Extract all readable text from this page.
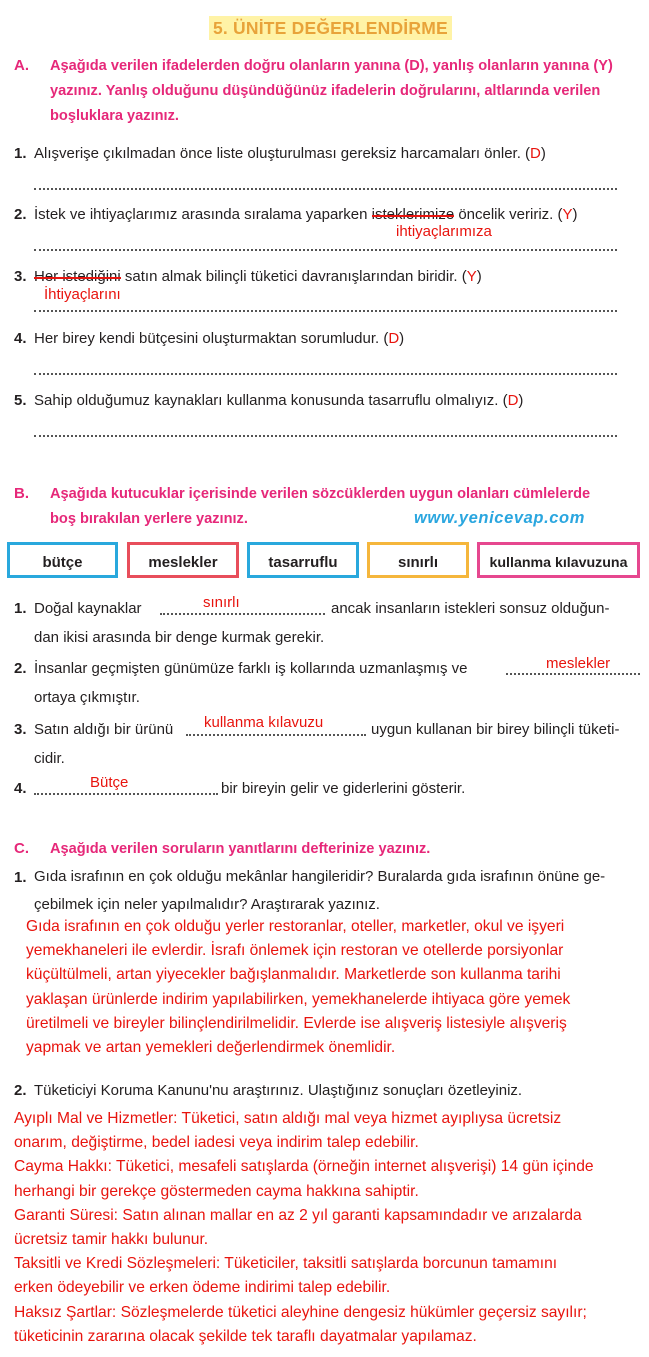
5. ÜNİTE DEĞERLENDİRME
A. Aşağıda verilen ifadelerden doğru olanların yanına (D), yanlış olanların yanına (Y)
yazınız. Yanlış olduğunu düşündüğünüz ifadelerin doğrularını, altlarında verilen
boşluklara yazınız.
1. Alışverişe çıkılmadan önce liste oluşturulması gereksiz harcamaları önler. (D)
2. İstek ve ihtiyaçlarımız arasında sıralama yaparken isteklerimize öncelik veririz. (Y)
ihtiyaçlarımıza
3. Her istediğini satın almak bilinçli tüketici davranışlarından biridir. (Y)
İhtiyaçlarını
4. Her birey kendi bütçesini oluşturmaktan sorumludur. (D)
5. Sahip olduğumuz kaynakları kullanma konusunda tasarruflu olmalıyız. (D)
B. Aşağıda kutucuklar içerisinde verilen sözcüklerden uygun olanları cümlelerde
boş bırakılan yerlere yazınız.	www.yenicevap.com
bütçe	meslekler	tasarruflu	sınırlı	kullanma kılavuzuna
1. Doğal kaynaklar	sınırlı	ancak insanların istekleri sonsuz olduğun-
dan ikisi arasında bir denge kurmak gerekir.
2. İnsanlar geçmişten günümüze farklı iş kollarında uzmanlaşmış ve	meslekler
ortaya çıkmıştır.
3. Satın aldığı bir ürünü kullanma kılavuzu	uygun kullanan bir birey bilinçli tüketi-
cidir.
4.	Bütçe	bir bireyin gelir ve giderlerini gösterir.
C. Aşağıda verilen soruların yanıtlarını defterinize yazınız.
1. Gıda israfının en çok olduğu mekânlar hangileridir? Buralarda gıda israfının önüne ge-
çebilmek için neler yapılmalıdır? Araştırarak yazınız.
Gıda israfının en çok olduğu yerler restoranlar, oteller, marketler, okul ve işyeri
yemekhaneleri ile evlerdir. İsrafı önlemek için restoran ve otellerde porsiyonlar
küçültülmeli, artan yiyecekler bağışlanmalıdır. Marketlerde son kullanma tarihi
yaklaşan ürünlerde indirim yapılabilirken, yemekhanelerde ihtiyaca göre yemek
üretilmeli ve bireyler bilinçlendirilmelidir. Evlerde ise alışveriş listesiyle alışveriş
yapmak ve artan yemekleri değerlendirmek önemlidir.
2. Tüketiciyi Koruma Kanunu'nu araştırınız. Ulaştığınız sonuçları özetleyiniz.
Ayıplı Mal ve Hizmetler: Tüketici, satın aldığı mal veya hizmet ayıplıysa ücretsiz
onarım, değiştirme, bedel iadesi veya indirim talep edebilir.
Cayma Hakkı: Tüketici, mesafeli satışlarda (örneğin internet alışverişi) 14 gün içinde
herhangi bir gerekçe göstermeden cayma hakkına sahiptir.
Garanti Süresi: Satın alınan mallar en az 2 yıl garanti kapsamındadır ve arızalarda
ücretsiz tamir hakkı bulunur.
Taksitli ve Kredi Sözleşmeleri: Tüketiciler, taksitli satışlarda borcunun tamamını
erken ödeyebilir ve erken ödeme indirimi talep edebilir.
Haksız Şartlar: Sözleşmelerde tüketici aleyhine dengesiz hükümler geçersiz sayılır;
tüketicinin zararına olacak şekilde tek taraflı dayatmalar yapılamaz.
